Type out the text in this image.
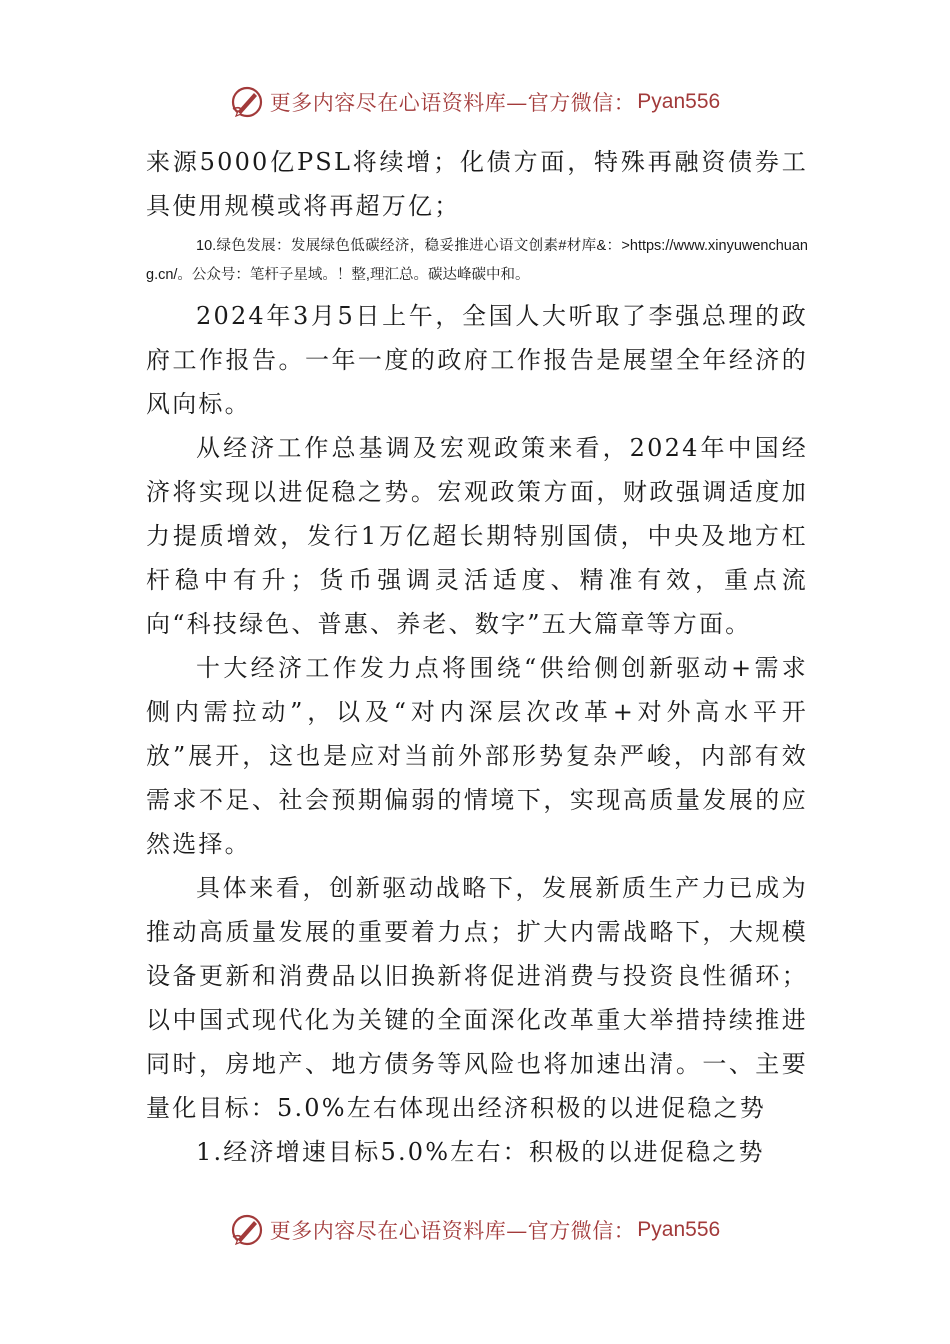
更多内容尽在心语资料库—官方微信： Pyan556

来源5000亿PSL将续增；化债方面，特殊再融资债券工具使用规模或将再超万亿；

10.绿色发展：发展绿色低碳经济，稳妥推进心语文创素#材库&：>https://www.xinyuwenchuang.cn/。公众号：笔杆子星域。！整,理汇总。碳达峰碳中和。

2024年3月5日上午，全国人大听取了李强总理的政府工作报告。一年一度的政府工作报告是展望全年经济的风向标。

从经济工作总基调及宏观政策来看，2024年中国经济将实现以进促稳之势。宏观政策方面，财政强调适度加力提质增效，发行1万亿超长期特别国债，中央及地方杠杆稳中有升；货币强调灵活适度、精准有效，重点流向“科技绿色、普惠、养老、数字”五大篇章等方面。

十大经济工作发力点将围绕“供给侧创新驱动+需求侧内需拉动”，以及“对内深层次改革+对外高水平开放”展开，这也是应对当前外部形势复杂严峻，内部有效需求不足、社会预期偏弱的情境下，实现高质量发展的应然选择。

具体来看，创新驱动战略下，发展新质生产力已成为推动高质量发展的重要着力点；扩大内需战略下，大规模设备更新和消费品以旧换新将促进消费与投资良性循环；以中国式现代化为关键的全面深化改革重大举措持续推进同时，房地产、地方债务等风险也将加速出清。一、主要量化目标：5.0%左右体现出经济积极的以进促稳之势

1.经济增速目标5.0%左右：积极的以进促稳之势

更多内容尽在心语资料库—官方微信： Pyan556
